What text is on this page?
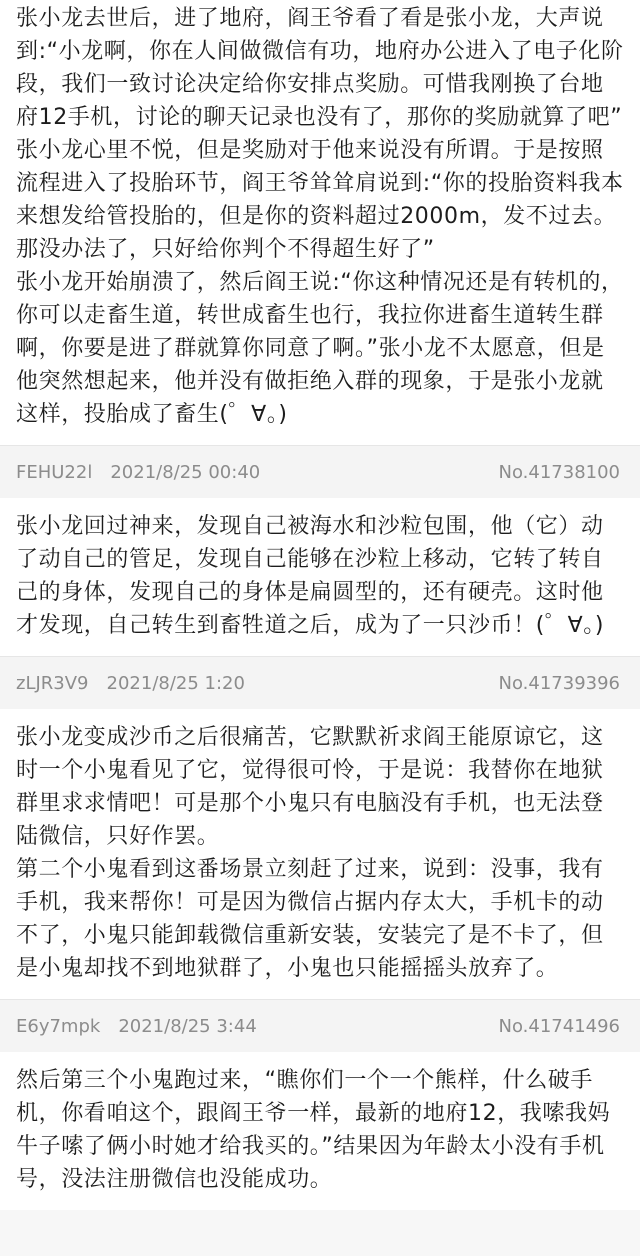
张小龙去世后，进了地府，阎王爷看了看是张小龙，大声说到:“小龙啊，你在人间做微信有功，地府办公进入了电子化阶段，我们一致讨论决定给你安排点奖励。可惜我刚换了台地府12手机，讨论的聊天记录也没有了，那你的奖励就算了吧”
张小龙心里不悦，但是奖励对于他来说没有所谓。于是按照流程进入了投胎环节，阎王爷耸耸肩说到:“你的投胎资料我本来想发给管投胎的，但是你的资料超过2000m，发不过去。那没办法了，只好给你判个不得超生好了”
张小龙开始崩溃了，然后阎王说:“你这种情况还是有转机的，你可以走畜生道，转世成畜生也行，我拉你进畜生道转生群啊，你要是进了群就算你同意了啊。”张小龙不太愿意，但是他突然想起来，他并没有做拒绝入群的现象，于是张小龙就这样，投胎成了畜生(゜∀。)
FEHU22l 2021/8/25 00:40	No.41738100
张小龙回过神来，发现自己被海水和沙粒包围，他（它）动了动自己的管足，发现自己能够在沙粒上移动，它转了转自己的身体，发现自己的身体是扁圆型的，还有硬壳。这时他才发现，自己转生到畜牲道之后，成为了一只沙币！(゜∀。)
zLJR3V9 2021/8/25 1:20	No.41739396
张小龙变成沙币之后很痛苦，它默默祈求阎王能原谅它，这时一个小鬼看见了它，觉得很可怜，于是说：我替你在地狱群里求求情吧！可是那个小鬼只有电脑没有手机，也无法登陆微信，只好作罢。
第二个小鬼看到这番场景立刻赶了过来，说到：没事，我有手机，我来帮你！可是因为微信占据内存太大，手机卡的动不了，小鬼只能卸载微信重新安装，安装完了是不卡了，但是小鬼却找不到地狱群了，小鬼也只能摇摇头放弃了。
E6y7mpk 2021/8/25 3:44	No.41741496
然后第三个小鬼跑过来，“瞧你们一个一个熊样，什么破手机，你看咱这个，跟阎王爷一样，最新的地府12，我嗦我妈牛子嗦了俩小时她才给我买的。”结果因为年龄太小没有手机号，没法注册微信也没能成功。
